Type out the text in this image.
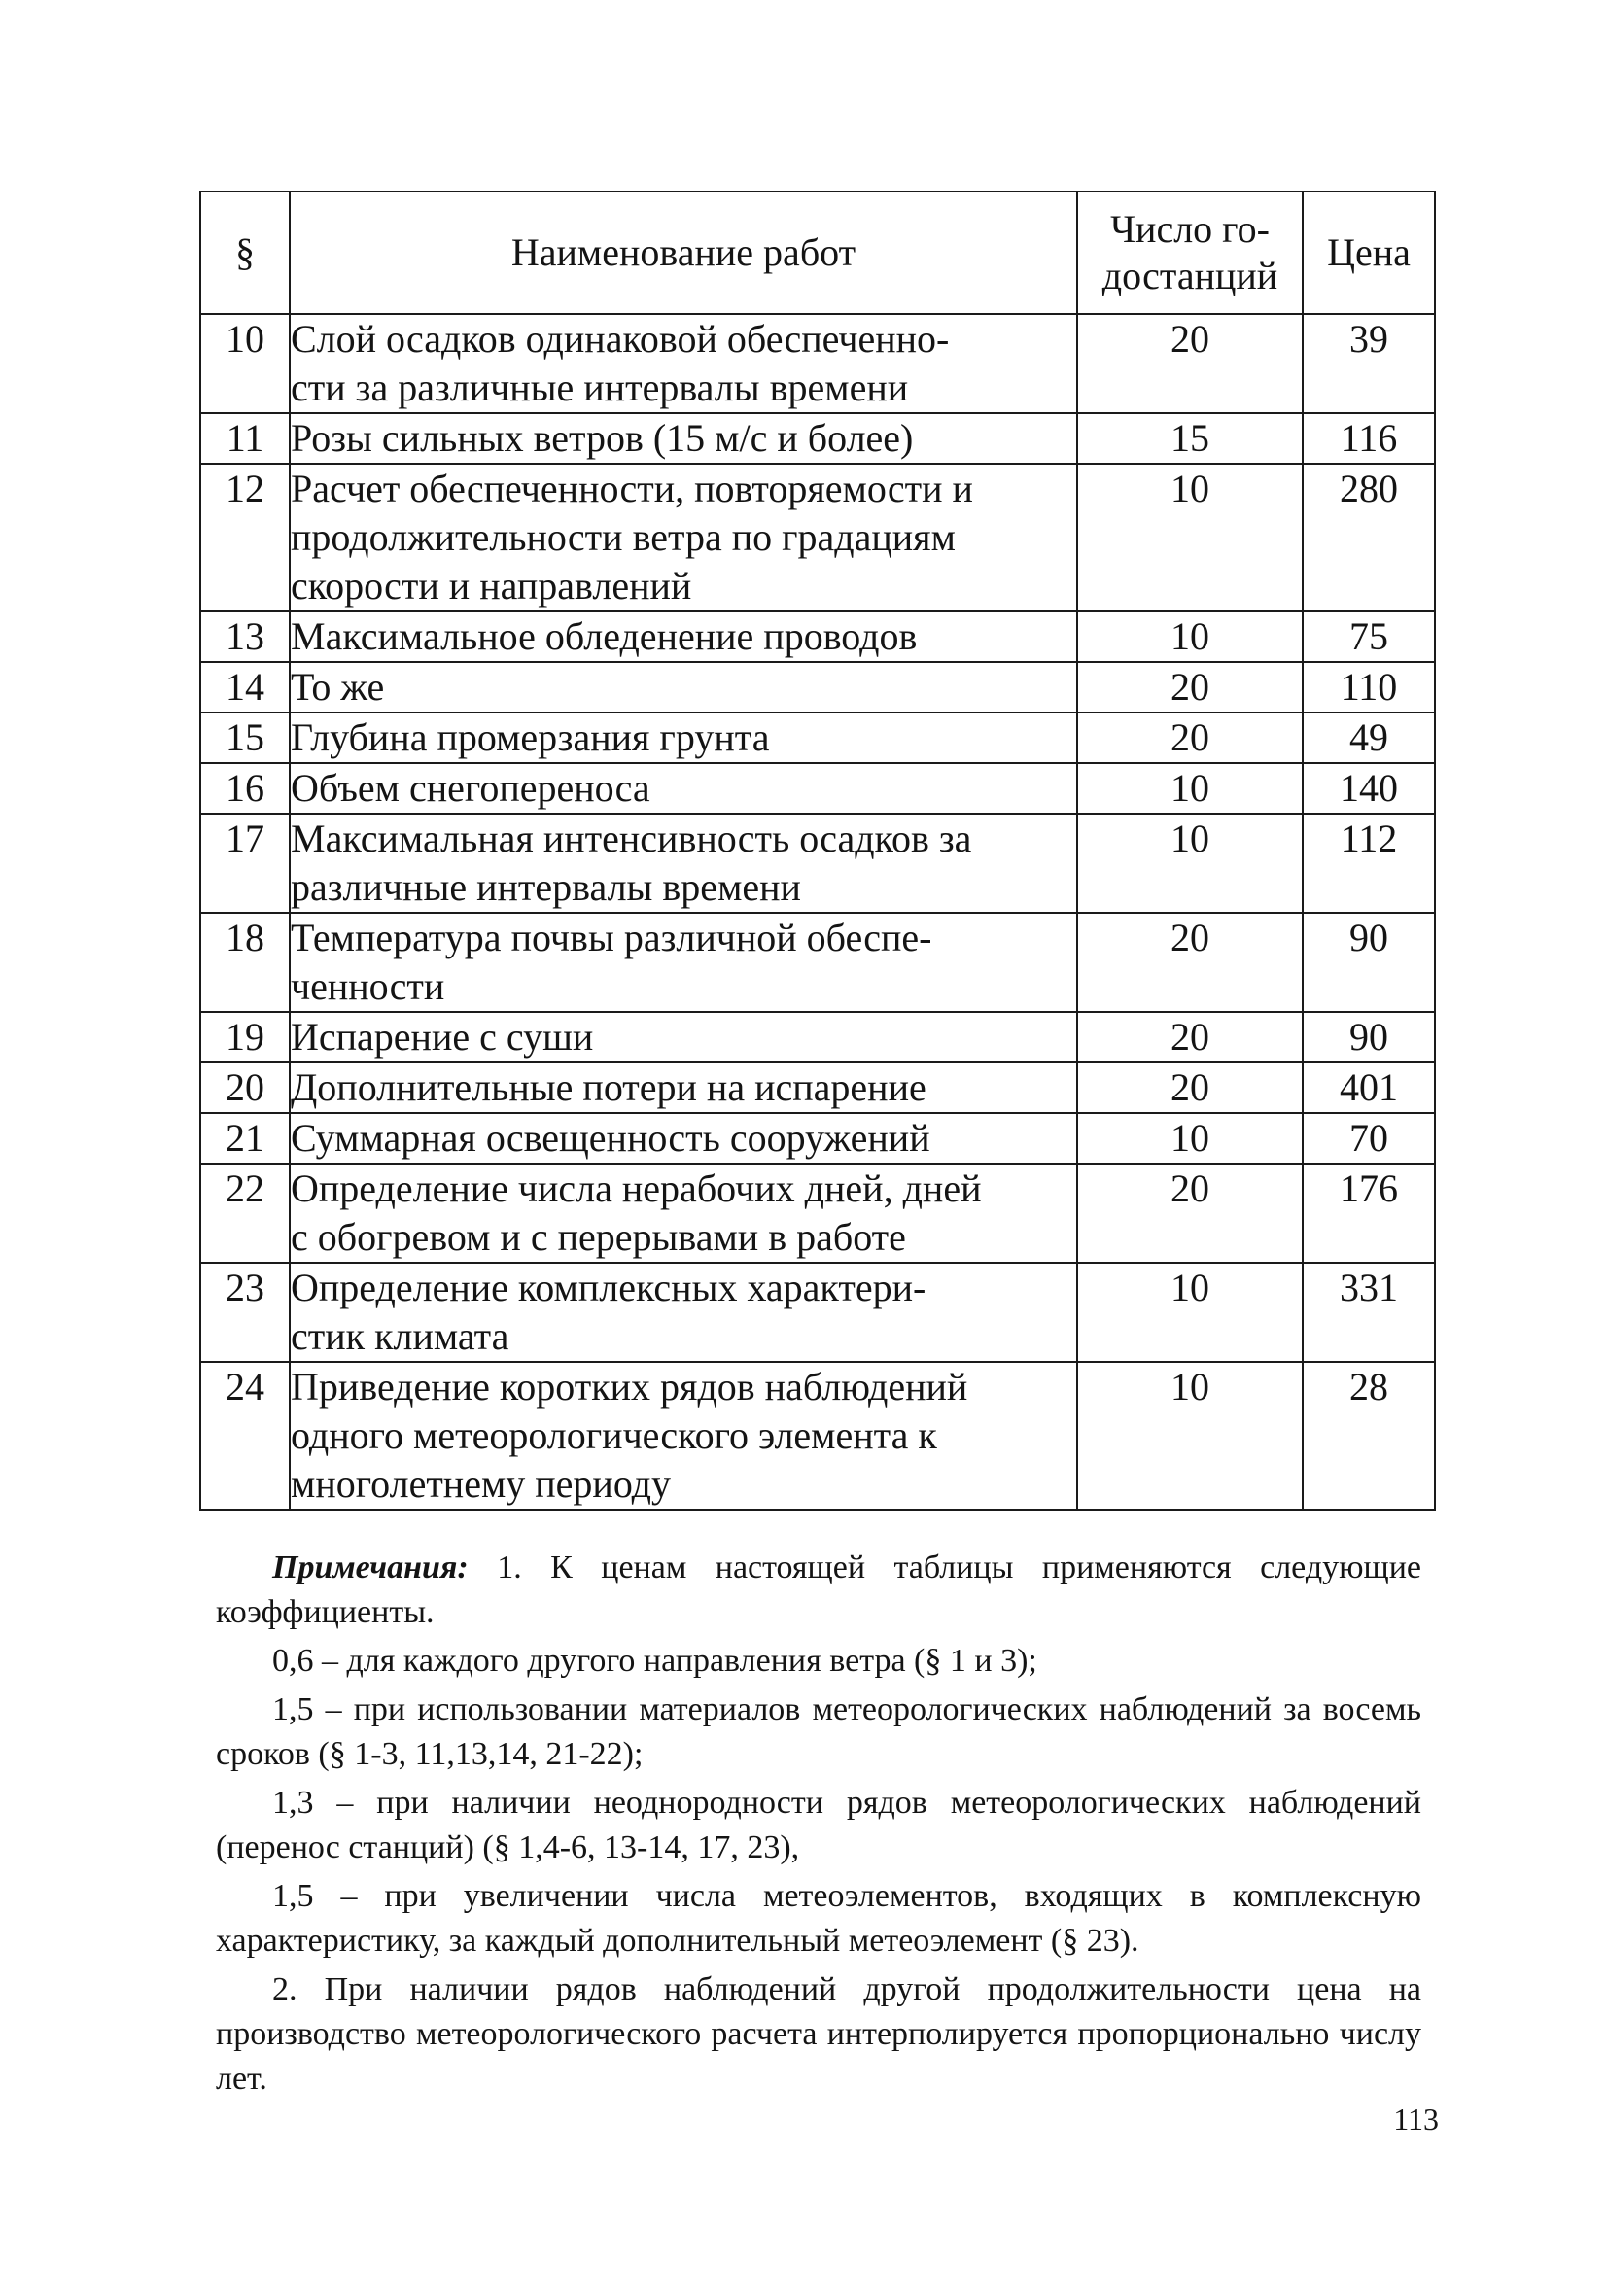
§	Наименование работ	Число го-
достанций	Цена
10	Слой осадков одинаковой обеспеченно-
сти за различные интервалы времени	20	39
11	Розы сильных ветров (15 м/с и более)	15	116
12	Расчет обеспеченности, повторяемости и
продолжительности ветра по градациям
скорости и направлений	10	280
13	Максимальное обледенение проводов	10	75
14	То же	20	110
15	Глубина промерзания грунта	20	49
16	Объем снегопереноса	10	140
17	Максимальная интенсивность осадков за
различные интервалы времени	10	112
18	Температура почвы различной обеспе-
ченности	20	90
19	Испарение с суши	20	90
20	Дополнительные потери на испарение	20	401
21	Суммарная освещенность сооружений	10	70
22	Определение числа нерабочих дней, дней
с обогревом и с перерывами в работе	20	176
23	Определение комплексных характери-
стик климата	10	331
24	Приведение коротких рядов наблюдений
одного метеорологического элемента к
многолетнему периоду	10	28

Примечания: 1. К ценам настоящей таблицы применяются следующие коэффициенты.

0,6 – для каждого другого направления ветра (§ 1 и 3);

1,5 – при использовании материалов метеорологических наблюдений за восемь сроков (§ 1-3, 11,13,14, 21-22);

1,3 – при наличии неоднородности рядов метеорологических наблюдений (перенос станций) (§ 1,4-6, 13-14, 17, 23),

1,5 – при увеличении числа метеоэлементов, входящих в комплексную характеристику, за каждый дополнительный метеоэлемент (§ 23).

2. При наличии рядов наблюдений другой продолжительности цена на производство метеорологического расчета интерполируется пропорционально числу лет.

113
